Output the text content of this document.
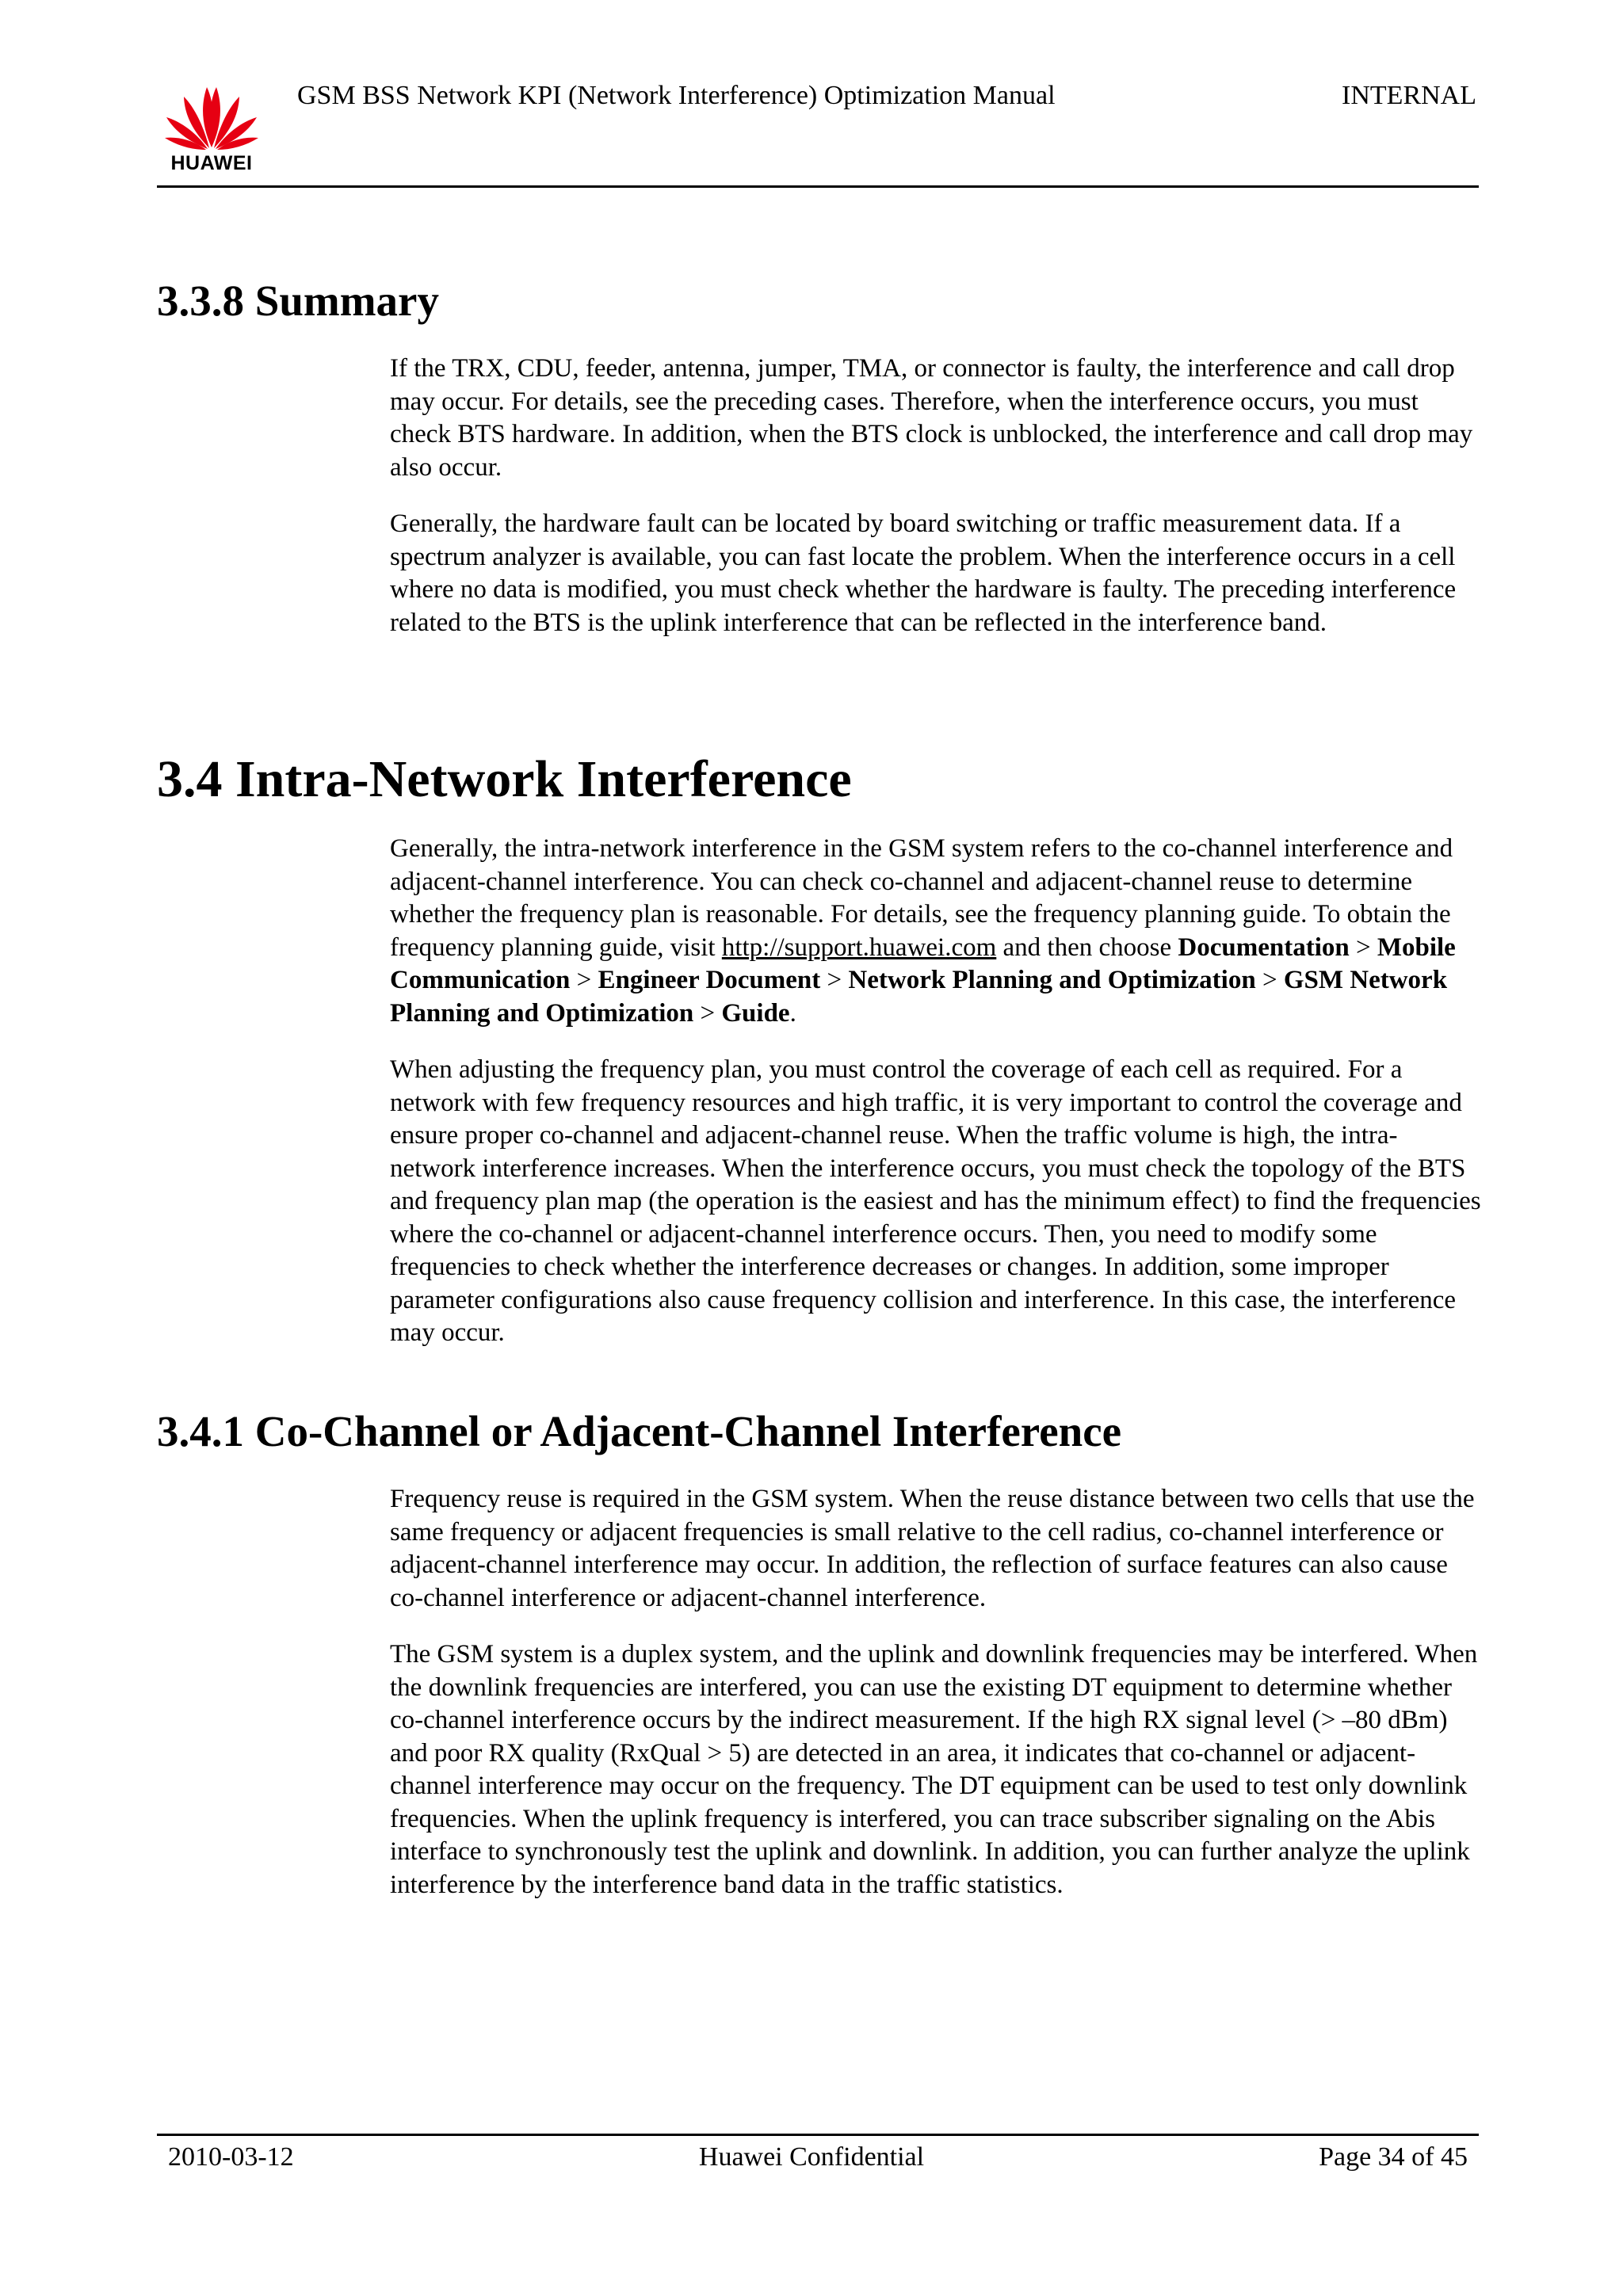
HUAWEI
GSM BSS Network KPI (Network Interference) Optimization Manual	INTERNAL
3.3.8 Summary

If the TRX, CDU, feeder, antenna, jumper, TMA, or connector is faulty, the interference and call drop may occur. For details, see the preceding cases. Therefore, when the interference occurs, you must check BTS hardware. In addition, when the BTS clock is unblocked, the interference and call drop may also occur.

Generally, the hardware fault can be located by board switching or traffic measurement data. If a spectrum analyzer is available, you can fast locate the problem. When the interference occurs in a cell where no data is modified, you must check whether the hardware is faulty. The preceding interference related to the BTS is the uplink interference that can be reflected in the interference band.

3.4 Intra-Network Interference

Generally, the intra-network interference in the GSM system refers to the co-channel interference and adjacent-channel interference. You can check co-channel and adjacent-channel reuse to determine whether the frequency plan is reasonable. For details, see the frequency planning guide. To obtain the frequency planning guide, visit http://support.huawei.com and then choose Documentation > Mobile Communication > Engineer Document > Network Planning and Optimization > GSM Network Planning and Optimization > Guide.

When adjusting the frequency plan, you must control the coverage of each cell as required. For a network with few frequency resources and high traffic, it is very important to control the coverage and ensure proper co-channel and adjacent-channel reuse. When the traffic volume is high, the intra-network interference increases. When the interference occurs, you must check the topology of the BTS and frequency plan map (the operation is the easiest and has the minimum effect) to find the frequencies where the co-channel or adjacent-channel interference occurs. Then, you need to modify some frequencies to check whether the interference decreases or changes. In addition, some improper parameter configurations also cause frequency collision and interference. In this case, the interference may occur.

3.4.1 Co-Channel or Adjacent-Channel Interference

Frequency reuse is required in the GSM system. When the reuse distance between two cells that use the same frequency or adjacent frequencies is small relative to the cell radius, co-channel interference or adjacent-channel interference may occur. In addition, the reflection of surface features can also cause co-channel interference or adjacent-channel interference.

The GSM system is a duplex system, and the uplink and downlink frequencies may be interfered. When the downlink frequencies are interfered, you can use the existing DT equipment to determine whether co-channel interference occurs by the indirect measurement. If the high RX signal level (> –80 dBm) and poor RX quality (RxQual > 5) are detected in an area, it indicates that co-channel or adjacent-channel interference may occur on the frequency. The DT equipment can be used to test only downlink frequencies. When the uplink frequency is interfered, you can trace subscriber signaling on the Abis interface to synchronously test the uplink and downlink. In addition, you can further analyze the uplink interference by the interference band data in the traffic statistics.

2010-03-12	Huawei Confidential	Page 34 of 45
